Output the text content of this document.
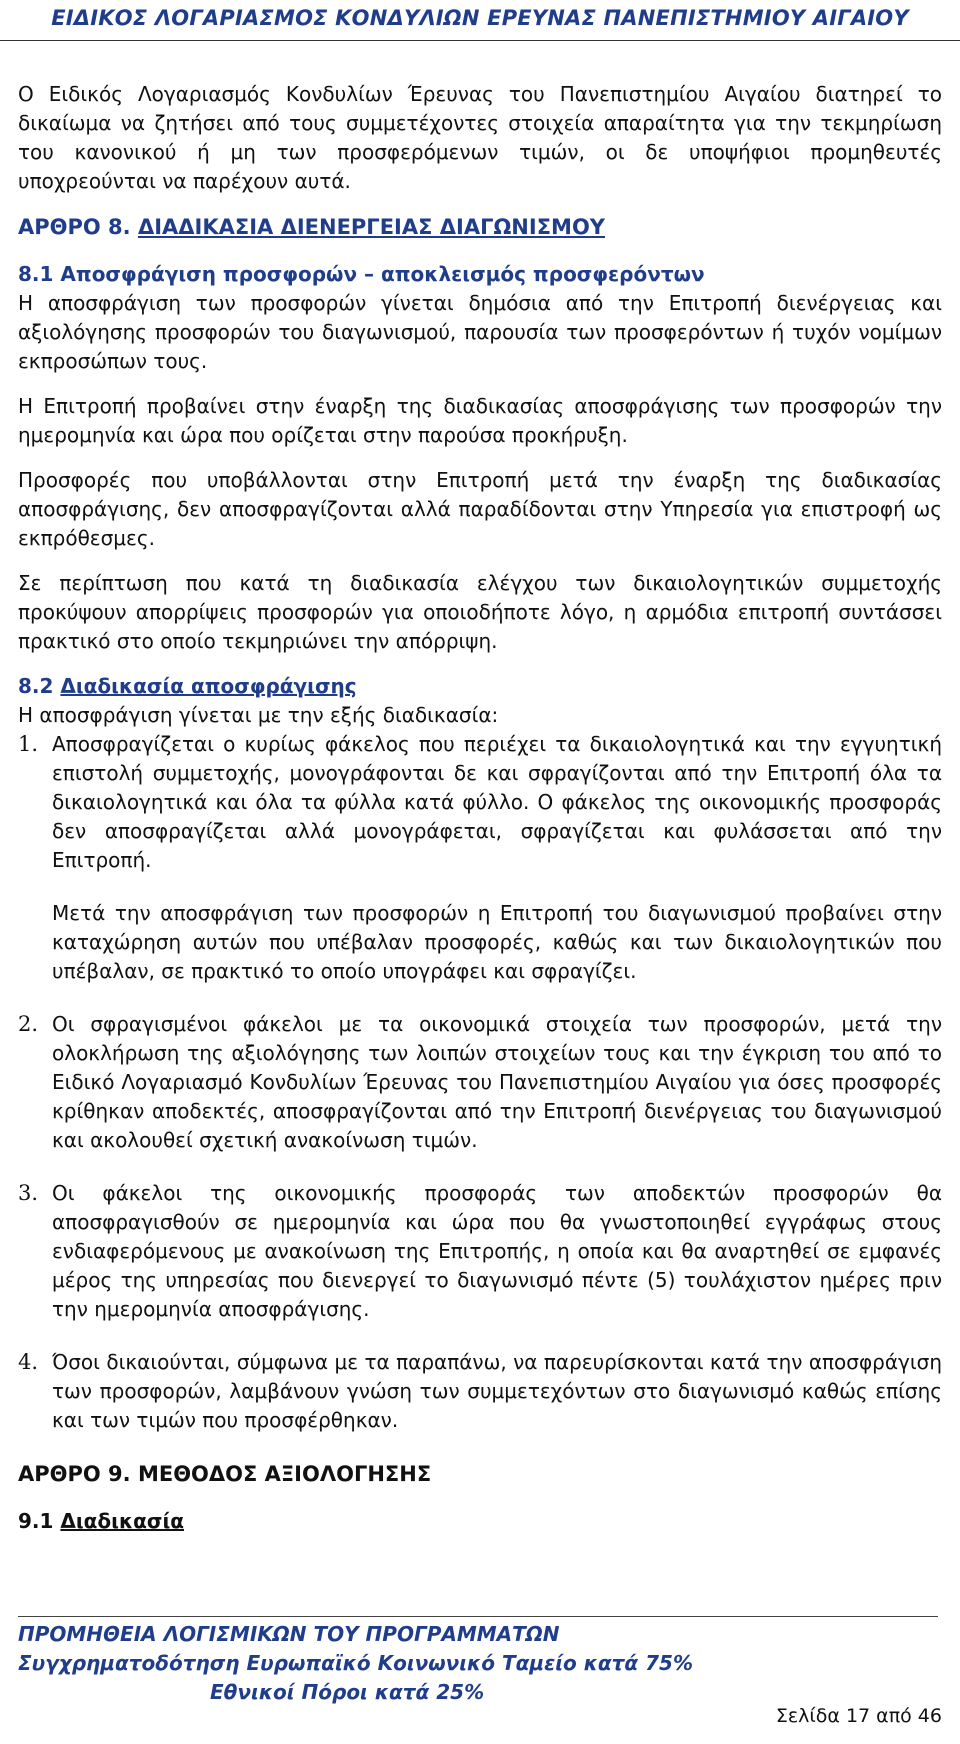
ΕΙΔΙΚΟΣ ΛΟΓΑΡΙΑΣΜΟΣ ΚΟΝΔΥΛΙΩΝ ΕΡΕΥΝΑΣ ΠΑΝΕΠΙΣΤΗΜΙΟΥ ΑΙΓΑΙΟΥ

Ο Ειδικός Λογαριασμός Κονδυλίων Έρευνας του Πανεπιστημίου Αιγαίου διατηρεί το δικαίωμα να ζητήσει από τους συμμετέχοντες στοιχεία απαραίτητα για την τεκμηρίωση του κανονικού ή μη των προσφερόμενων τιμών, οι δε υποψήφιοι προμηθευτές υποχρεούνται να παρέχουν αυτά.

ΑΡΘΡΟ 8. ΔΙΑΔΙΚΑΣΙΑ ΔΙΕΝΕΡΓΕΙΑΣ ΔΙΑΓΩΝΙΣΜΟΥ
8.1 Αποσφράγιση προσφορών – αποκλεισμός προσφερόντων

Η αποσφράγιση των προσφορών γίνεται δημόσια από την Επιτροπή διενέργειας και αξιολόγησης προσφορών του διαγωνισμού, παρουσία των προσφερόντων ή τυχόν νομίμων εκπροσώπων τους.

Η Επιτροπή προβαίνει στην έναρξη της διαδικασίας αποσφράγισης των προσφορών την ημερομηνία και ώρα που ορίζεται στην παρούσα προκήρυξη.

Προσφορές που υποβάλλονται στην Επιτροπή μετά την έναρξη της διαδικασίας αποσφράγισης, δεν αποσφραγίζονται αλλά παραδίδονται στην Υπηρεσία για επιστροφή ως εκπρόθεσμες.

Σε περίπτωση που κατά τη διαδικασία ελέγχου των δικαιολογητικών συμμετοχής προκύψουν απορρίψεις προσφορών για οποιοδήποτε λόγο, η αρμόδια επιτροπή συντάσσει πρακτικό στο οποίο τεκμηριώνει την απόρριψη.

8.2 Διαδικασία αποσφράγισης

Η αποσφράγιση γίνεται με την εξής διαδικασία:

1. Αποσφραγίζεται ο κυρίως φάκελος που περιέχει τα δικαιολογητικά και την εγγυητική επιστολή συμμετοχής, μονογράφονται δε και σφραγίζονται από την Επιτροπή όλα τα δικαιολογητικά και όλα τα φύλλα κατά φύλλο. Ο φάκελος της οικονομικής προσφοράς δεν αποσφραγίζεται αλλά μονογράφεται, σφραγίζεται και φυλάσσεται από την Επιτροπή.

Μετά την αποσφράγιση των προσφορών η Επιτροπή του διαγωνισμού προβαίνει στην καταχώρηση αυτών που υπέβαλαν προσφορές, καθώς και των δικαιολογητικών που υπέβαλαν, σε πρακτικό το οποίο υπογράφει και σφραγίζει.

2. Οι σφραγισμένοι φάκελοι με τα οικονομικά στοιχεία των προσφορών, μετά την ολοκλήρωση της αξιολόγησης των λοιπών στοιχείων τους και την έγκριση του από το Ειδικό Λογαριασμό Κονδυλίων Έρευνας του Πανεπιστημίου Αιγαίου για όσες προσφορές κρίθηκαν αποδεκτές, αποσφραγίζονται από την Επιτροπή διενέργειας του διαγωνισμού και ακολουθεί σχετική ανακοίνωση τιμών.

3. Οι φάκελοι της οικονομικής προσφοράς των αποδεκτών προσφορών θα αποσφραγισθούν σε ημερομηνία και ώρα που θα γνωστοποιηθεί εγγράφως στους ενδιαφερόμενους με ανακοίνωση της Επιτροπής, η οποία και θα αναρτηθεί σε εμφανές μέρος της υπηρεσίας που διενεργεί το διαγωνισμό πέντε (5) τουλάχιστον ημέρες πριν την ημερομηνία αποσφράγισης.

4. Όσοι δικαιούνται, σύμφωνα με τα παραπάνω, να παρευρίσκονται κατά την αποσφράγιση των προσφορών, λαμβάνουν γνώση των συμμετεχόντων στο διαγωνισμό καθώς επίσης και των τιμών που προσφέρθηκαν.

ΑΡΘΡΟ 9. ΜΕΘΟΔΟΣ ΑΞΙΟΛΟΓΗΣΗΣ
9.1 Διαδικασία
ΠΡΟΜΗΘΕΙΑ ΛΟΓΙΣΜΙΚΩΝ ΤΟΥ ΠΡΟΓΡΑΜΜΑΤΩΝ
Συγχρηματοδότηση Ευρωπαϊκό Κοινωνικό Ταμείο κατά 75%
Εθνικοί Πόροι κατά 25%
Σελίδα 17 από 46
